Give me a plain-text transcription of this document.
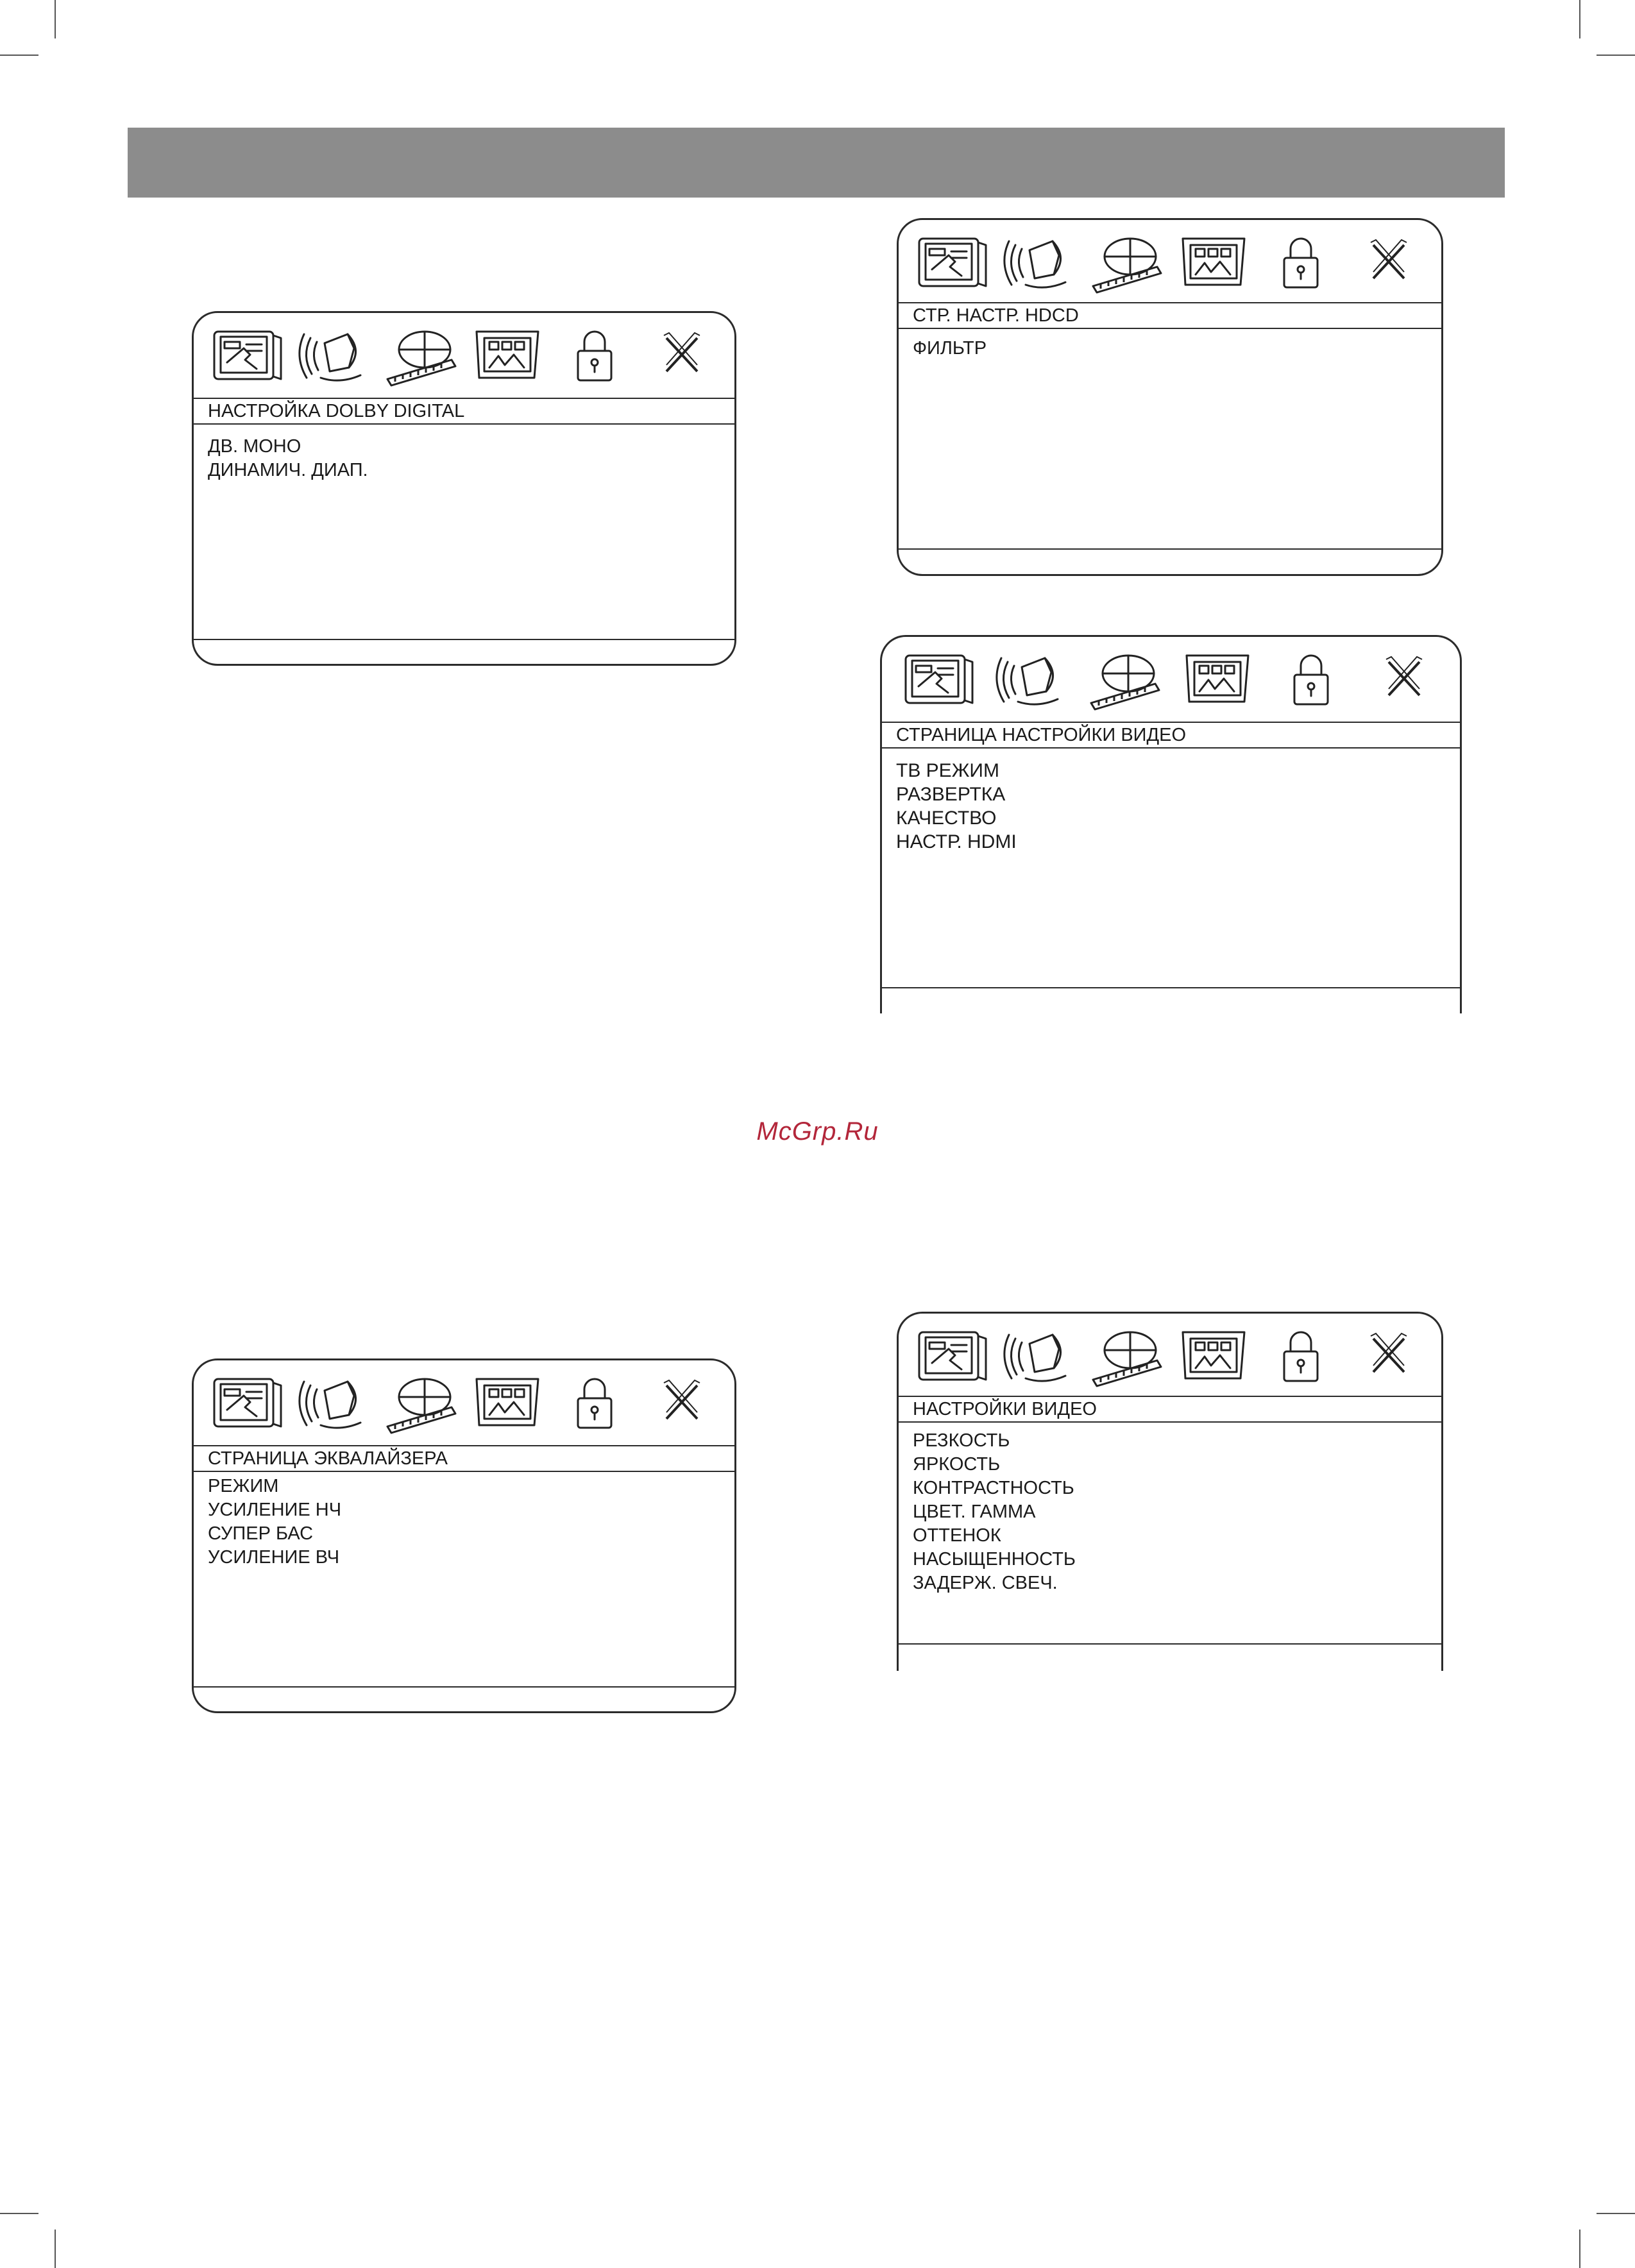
НАСТРОЙКА DOLBY DIGITAL
ДВ. МОНО
ДИНАМИЧ. ДИАП.
СТР. НАСТР. HDCD
ФИЛЬТР
СТРАНИЦА НАСТРОЙКИ ВИДЕО
ТВ РЕЖИМ
РАЗВЕРТКА
КАЧЕСТВО
НАСТР. HDMI
СТРАНИЦА ЭКВАЛАЙЗЕРА
РЕЖИМ
УСИЛЕНИЕ НЧ
СУПЕР БАС
УСИЛЕНИЕ ВЧ
НАСТРОЙКИ ВИДЕО
РЕЗКОСТЬ
ЯРКОСТЬ
КОНТРАСТНОСТЬ
ЦВЕТ. ГАММА
ОТТЕНОК
НАСЫЩЕННОСТЬ
ЗАДЕРЖ. СВЕЧ.
McGrp.Ru
